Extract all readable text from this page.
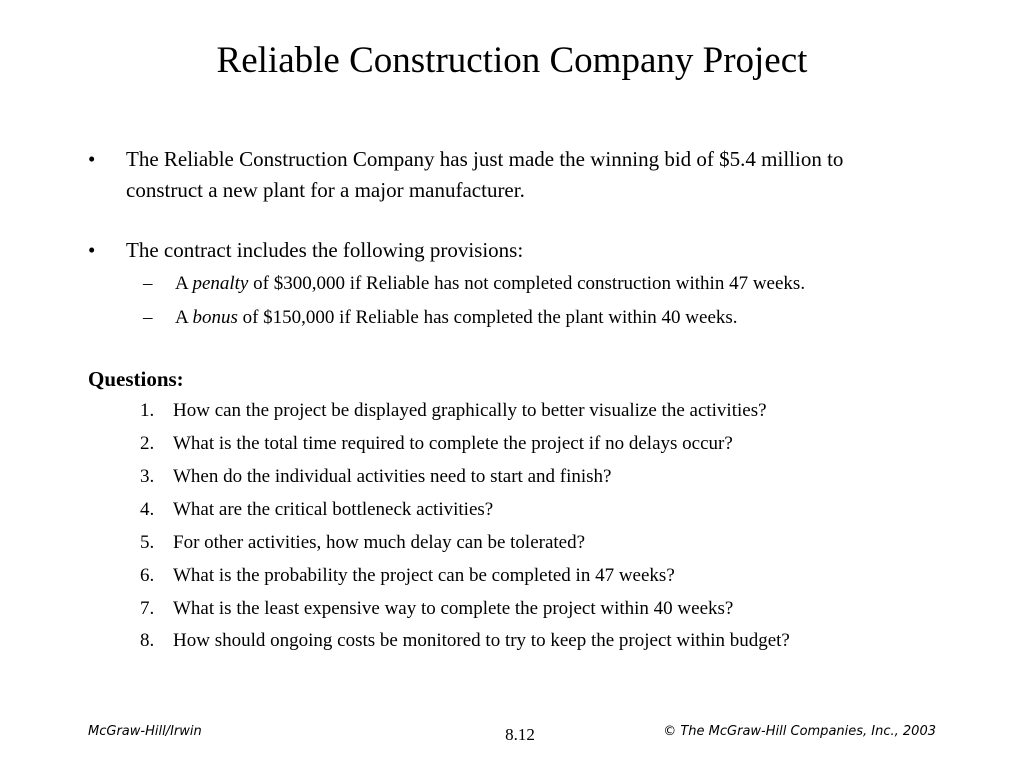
Reliable Construction Company Project
• The Reliable Construction Company has just made the winning bid of $5.4 million to construct a new plant for a major manufacturer.
• The contract includes the following provisions:
– A penalty of $300,000 if Reliable has not completed construction within 47 weeks.
– A bonus of $150,000 if Reliable has completed the plant within 40 weeks.
Questions:
1. How can the project be displayed graphically to better visualize the activities?
2. What is the total time required to complete the project if no delays occur?
3. When do the individual activities need to start and finish?
4. What are the critical bottleneck activities?
5. For other activities, how much delay can be tolerated?
6. What is the probability the project can be completed in 47 weeks?
7. What is the least expensive way to complete the project within 40 weeks?
8. How should ongoing costs be monitored to try to keep the project within budget?
McGraw-Hill/Irwin	8.12	© The McGraw-Hill Companies, Inc., 2003
